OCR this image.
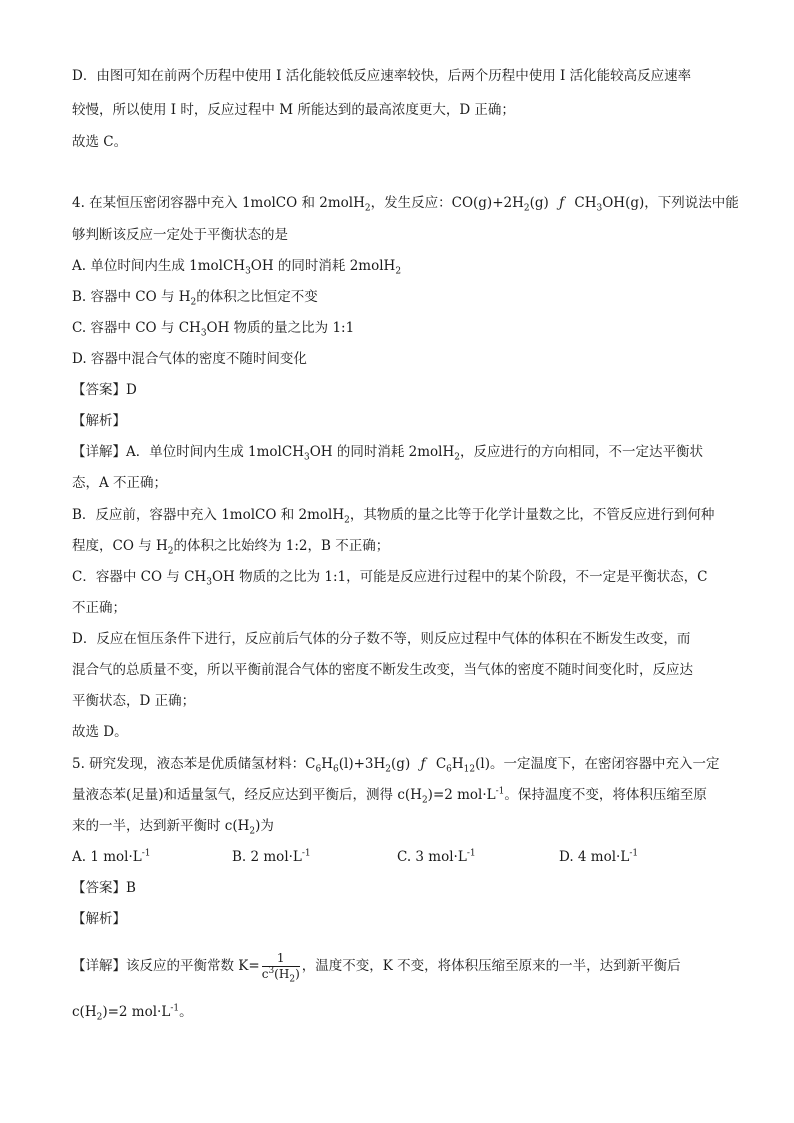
D．由图可知在前两个历程中使用 I 活化能较低反应速率较快，后两个历程中使用 I 活化能较高反应速率
较慢，所以使用 I 时，反应过程中 M 所能达到的最高浓度更大，D 正确；
故选 C。
4. 在某恒压密闭容器中充入 1molCO 和 2molH$_2$，发生反应：$CO(g)+2H_2(g)$ ƒ $CH_3OH(g)$，下列说法中能
够判断该反应一定处于平衡状态的是
A. 单位时间内生成 1molCH$_3$OH 的同时消耗 2molH$_2$
B. 容器中 CO 与 $H_2$的体积之比恒定不变
C. 容器中 CO 与 $CH_3OH$ 物质的量之比为 1:1
D. 容器中混合气体的密度不随时间变化
【答案】D
【解析】
【详解】A．单位时间内生成 1molCH$_3$OH 的同时消耗 2molH$_2$，反应进行的方向相同，不一定达平衡状
态，A 不正确；
B．反应前，容器中充入 1molCO 和 2molH$_2$，其物质的量之比等于化学计量数之比，不管反应进行到何种
程度，CO 与 $H_2$的体积之比始终为 1:2，B 不正确；
C．容器中 CO 与 $CH_3OH$ 物质的之比为 1:1，可能是反应进行过程中的某个阶段，不一定是平衡状态，C
不正确；
D．反应在恒压条件下进行，反应前后气体的分子数不等，则反应过程中气体的体积在不断发生改变，而
混合气的总质量不变，所以平衡前混合气体的密度不断发生改变，当气体的密度不随时间变化时，反应达
平衡状态，D 正确；
故选 D。
5. 研究发现，液态苯是优质储氢材料：$C_6H_6(l)+3H_2(g)$ ƒ $C_6H_{12}(l)$。一定温度下，在密闭容器中充入一定
量液态苯(足量)和适量氢气，经反应达到平衡后，测得 $c(H_2)=2$ $mol\cdot L^{-1}$。保持温度不变，将体积压缩至原
来的一半，达到新平衡时 $c(H_2)$为
A. 1 $mol\cdot L^{-1}$	B. 2 $mol\cdot L^{-1}$	C. 3 $mol\cdot L^{-1}$	D. 4 $mol\cdot L^{-1}$
【答案】B
【解析】
【详解】该反应的平衡常数 $K= \frac{1}{c^3(H_2)}$ ，温度不变，K 不变，将体积压缩至原来的一半，达到新平衡后
$c(H_2)=2$ $mol\cdot L^{-1}$。
